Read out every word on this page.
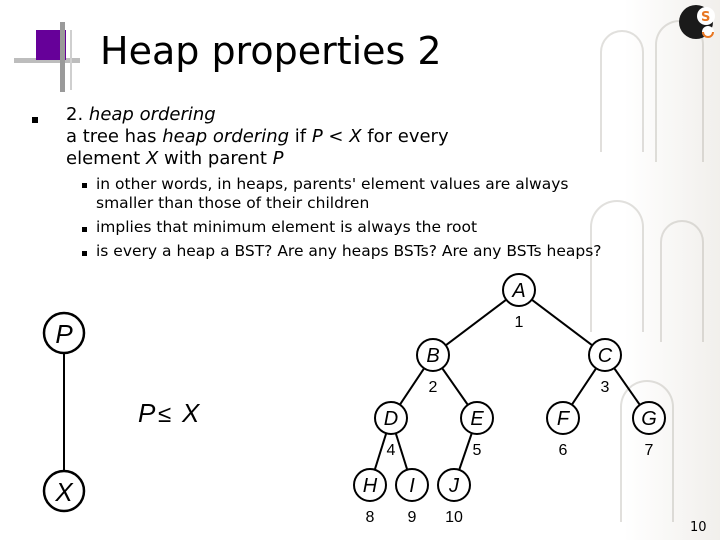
S
Heap properties 2
2. heap ordering
a tree has heap ordering if P < X for every
element X with parent P
in other words, in heaps, parents' element values are always
smaller than those of their children
implies that minimum element is always the root
is every a heap a BST? Are any heaps BSTs? Are any BSTs heaps?
P
X
P ≤ X
A
1
B
2
C
3
D
4
E
5
F
6
G
7
H
8
I
9
J
10
10
